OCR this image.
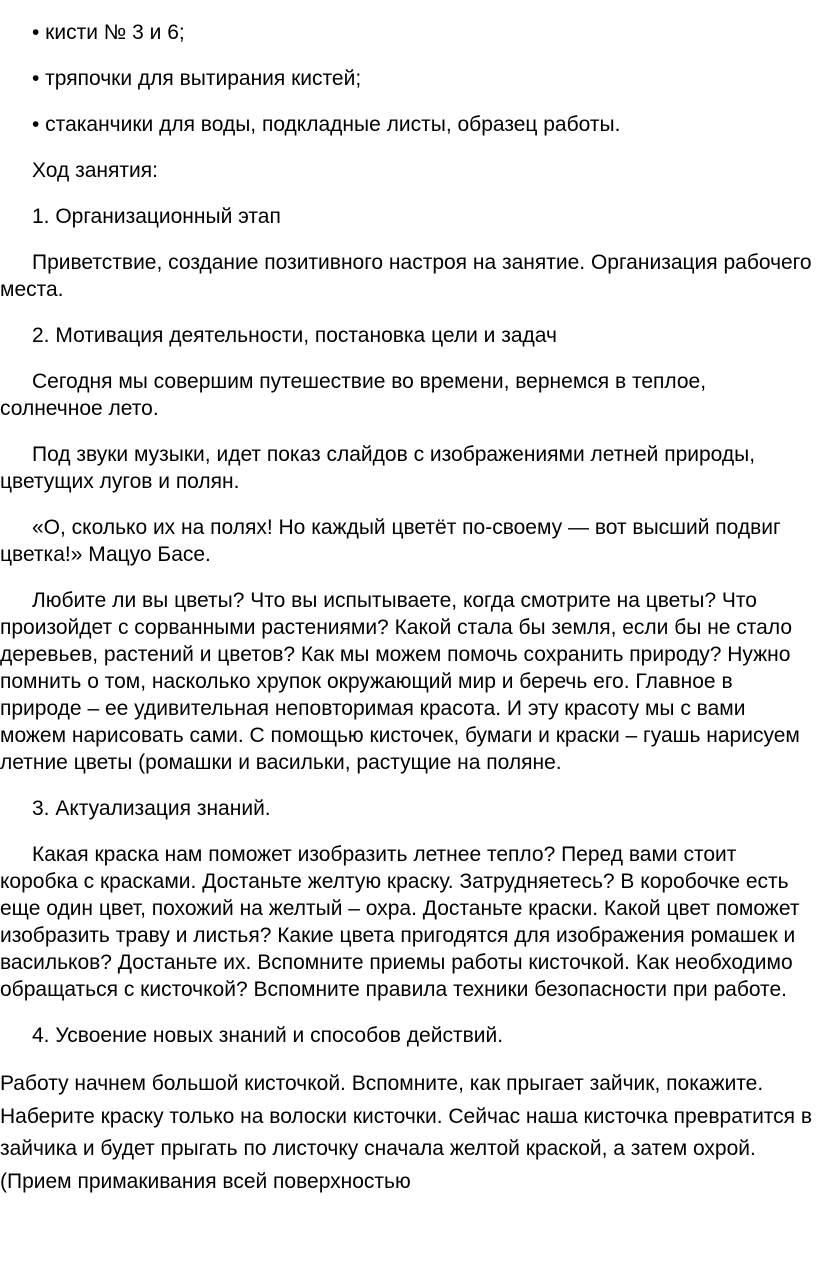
• кисти № 3 и 6;

• тряпочки для вытирания кистей;

• стаканчики для воды, подкладные листы, образец работы.

Ход занятия:

1. Организационный этап

Приветствие, создание позитивного настроя на занятие. Организация рабочего места.

2. Мотивация деятельности, постановка цели и задач

Сегодня мы совершим путешествие во времени, вернемся в теплое, солнечное лето.

Под звуки музыки, идет показ слайдов с изображениями летней природы, цветущих лугов и полян.

«О, сколько их на полях! Но каждый цветёт по-своему — вот высший подвиг цветка!» Мацуо Басе.

Любите ли вы цветы? Что вы испытываете, когда смотрите на цветы? Что произойдет с сорванными растениями? Какой стала бы земля, если бы не стало деревьев, растений и цветов? Как мы можем помочь сохранить природу? Нужно помнить о том, насколько хрупок окружающий мир и беречь его. Главное в природе – ее удивительная неповторимая красота. И эту красоту мы с вами можем нарисовать сами. С помощью кисточек, бумаги и краски – гуашь нарисуем летние цветы (ромашки и васильки, растущие на поляне.

3. Актуализация знаний.

Какая краска нам поможет изобразить летнее тепло? Перед вами стоит коробка с красками. Достаньте желтую краску. Затрудняетесь? В коробочке есть еще один цвет, похожий на желтый – охра. Достаньте краски. Какой цвет поможет изобразить траву и листья? Какие цвета пригодятся для изображения ромашек и васильков? Достаньте их. Вспомните приемы работы кисточкой. Как необходимо обращаться с кисточкой? Вспомните правила техники безопасности при работе.

4. Усвоение новых знаний и способов действий.

Работу начнем большой кисточкой. Вспомните, как прыгает зайчик, покажите. Наберите краску только на волоски кисточки. Сейчас наша кисточка превратится в зайчика и будет прыгать по листочку сначала желтой краской, а затем охрой. (Прием примакивания всей поверхностью
